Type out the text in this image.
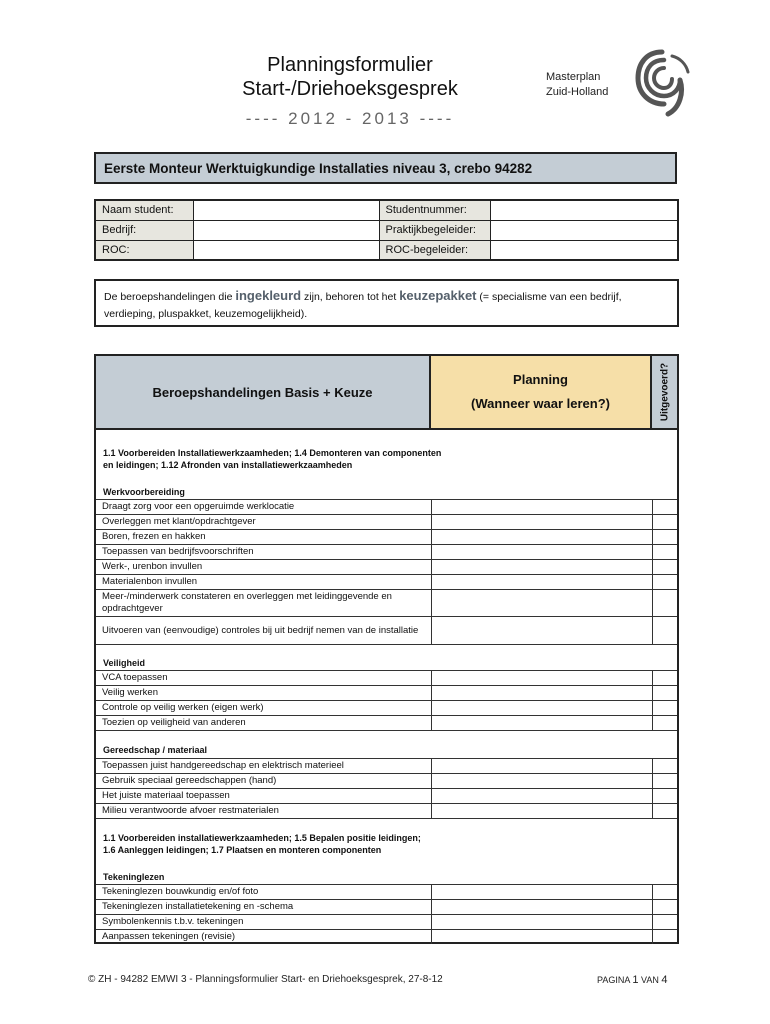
Planningsformulier
Start-/Driehoeksgesprek
---- 2012 - 2013 ----
Masterplan
Zuid-Holland
Eerste Monteur Werktuigkundige Installaties niveau 3, crebo 94282
Naam student:		Studentnummer:	
Bedrijf:		Praktijkbegeleider:	
ROC:		ROC-begeleider:	
De beroepshandelingen die ingekleurd zijn, behoren tot het keuzepakket (= specialisme van een bedrijf, verdieping, pluspakket, keuzemogelijkheid).
Beroepshandelingen Basis + Keuze
Planning
(Wanneer waar leren?)	Uitgevoerd?
1.1 Voorbereiden Installatiewerkzaamheden; 1.4 Demonteren van componenten
en leidingen; 1.12 Afronden van installatiewerkzaamheden
Werkvoorbereiding
Draagt zorg voor een opgeruimde werklocatie
Overleggen met klant/opdrachtgever
Boren, frezen en hakken
Toepassen van bedrijfsvoorschriften
Werk-, urenbon invullen
Materialenbon invullen
Meer-/minderwerk constateren en overleggen met leidinggevende en opdrachtgever
Uitvoeren van (eenvoudige) controles bij uit bedrijf nemen van de installatie
Veiligheid
VCA toepassen
Veilig werken
Controle op veilig werken (eigen werk)
Toezien op veiligheid van anderen
Gereedschap / materiaal
Toepassen juist handgereedschap en elektrisch materieel
Gebruik speciaal gereedschappen (hand)
Het juiste materiaal toepassen
Milieu verantwoorde afvoer restmaterialen
1.1 Voorbereiden installatiewerkzaamheden; 1.5 Bepalen positie leidingen;
1.6 Aanleggen leidingen; 1.7 Plaatsen en monteren componenten
Tekeninglezen
Tekeninglezen bouwkundig en/of foto
Tekeninglezen installatietekening en -schema
Symbolenkennis t.b.v. tekeningen
Aanpassen tekeningen (revisie)
© ZH - 94282 EMWI 3 - Planningsformulier Start- en Driehoeksgesprek, 27-8-12	PAGINA 1 VAN 4
